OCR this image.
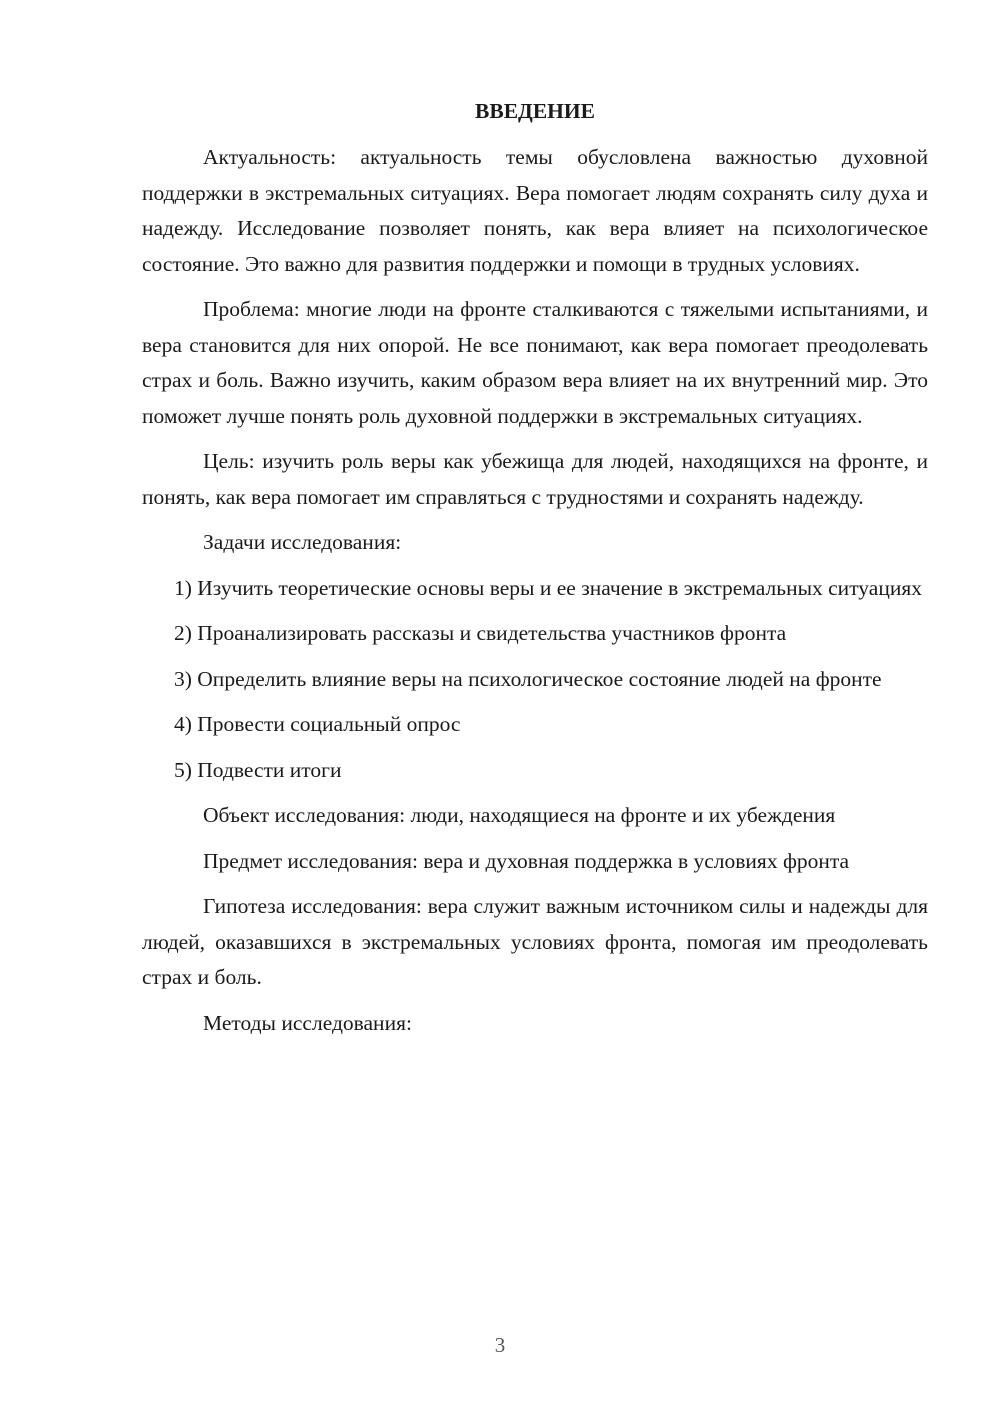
ВВЕДЕНИЕ

Актуальность: актуальность темы обусловлена важностью духовной поддержки в экстремальных ситуациях. Вера помогает людям сохранять силу духа и надежду. Исследование позволяет понять, как вера влияет на психологическое состояние. Это важно для развития поддержки и помощи в трудных условиях.

Проблема: многие люди на фронте сталкиваются с тяжелыми испытаниями, и вера становится для них опорой. Не все понимают, как вера помогает преодолевать страх и боль. Важно изучить, каким образом вера влияет на их внутренний мир. Это поможет лучше понять роль духовной поддержки в экстремальных ситуациях.

Цель: изучить роль веры как убежища для людей, находящихся на фронте, и понять, как вера помогает им справляться с трудностями и сохранять надежду.

Задачи исследования:

1) Изучить теоретические основы веры и ее значение в экстремальных ситуациях

2) Проанализировать рассказы и свидетельства участников фронта

3) Определить влияние веры на психологическое состояние людей на фронте

4) Провести социальный опрос

5) Подвести итоги

Объект исследования: люди, находящиеся на фронте и их убеждения

Предмет исследования: вера и духовная поддержка в условиях фронта

Гипотеза исследования: вера служит важным источником силы и надежды для людей, оказавшихся в экстремальных условиях фронта, помогая им преодолевать страх и боль.

Методы исследования:

3
